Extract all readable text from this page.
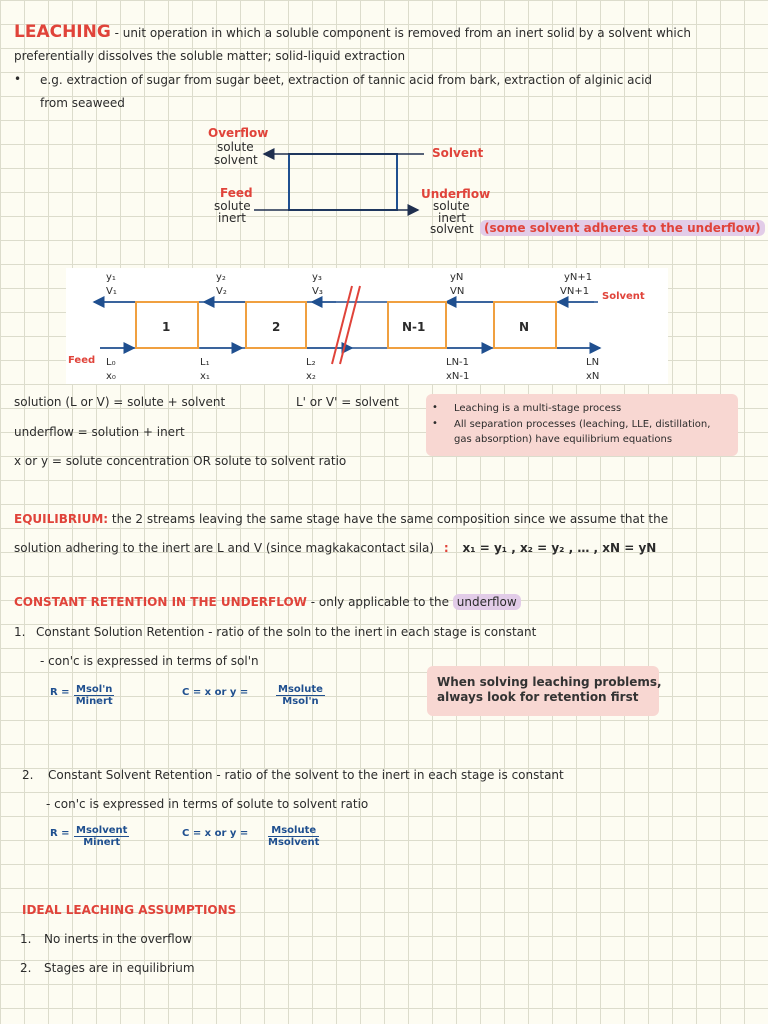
LEACHING - unit operation in which a soluble component is removed from an inert solid by a solvent which
preferentially dissolves the soluble matter; solid-liquid extraction
• e.g. extraction of sugar from sugar beet, extraction of tannic acid from bark, extraction of alginic acid
from seaweed
Overflow
solute
solvent	Solvent
Feed
solute
inert
Underflow
solute
inert
solvent (some solvent adheres to the underflow)
1	2	N-1	N
y₁
V₁
y₂
V₂
y₃
V₃
yN
VN
yN+1
VN+1 Solvent
Feed L₀
x₀
L₁
x₁
L₂
x₂
LN-1
xN-1
LN
xN
solution (L or V) = solute + solvent	L' or V' = solvent
underflow = solution + inert
x or y = solute concentration OR solute to solvent ratio
• Leaching is a multi-stage process
• All separation processes (leaching, LLE, distillation,
gas absorption) have equilibrium equations
EQUILIBRIUM: the 2 streams leaving the same stage have the same composition since we assume that the
solution adhering to the inert are L and V (since magkakacontact sila) : x₁ = y₁ , x₂ = y₂ , … , xN = yN
CONSTANT RETENTION IN THE UNDERFLOW - only applicable to the underflow
1. Constant Solution Retention - ratio of the soln to the inert in each stage is constant
- con'c is expressed in terms of sol'n
R = Msol'n
Minert
C = x or y =	Msolute
Msol'n
When solving leaching problems,
always look for retention first
2. Constant Solvent Retention - ratio of the solvent to the inert in each stage is constant
- con'c is expressed in terms of solute to solvent ratio
R = Msolvent
Minert
C = x or y =	Msolute
Msolvent
IDEAL LEACHING ASSUMPTIONS
1. No inerts in the overflow
2. Stages are in equilibrium
